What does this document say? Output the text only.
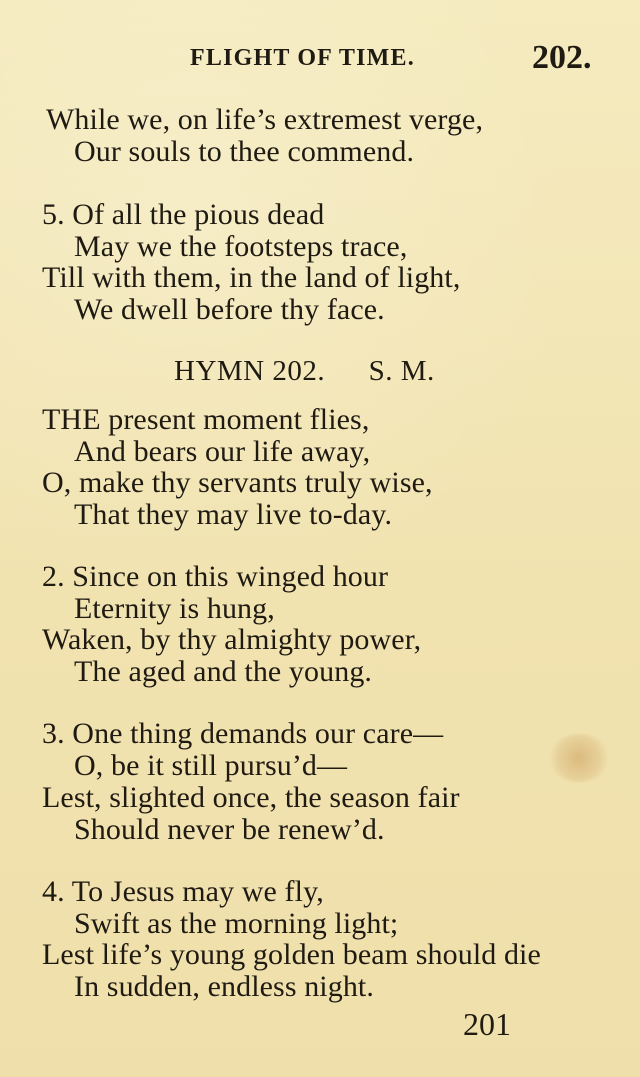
FLIGHT OF TIME.	202.
While we, on life’s extremest verge,
Our souls to thee commend.
5. Of all the pious dead
May we the footsteps trace,
Till with them, in the land of light,
We dwell before thy face.
HYMN 202. S. M.
THE present moment flies,
And bears our life away,
O, make thy servants truly wise,
That they may live to-day.
2. Since on this winged hour
Eternity is hung,
Waken, by thy almighty power,
The aged and the young.
3. One thing demands our care—
O, be it still pursu’d—
Lest, slighted once, the season fair
Should never be renew’d.
4. To Jesus may we fly,
Swift as the morning light;
Lest life’s young golden beam should die
In sudden, endless night.
201
